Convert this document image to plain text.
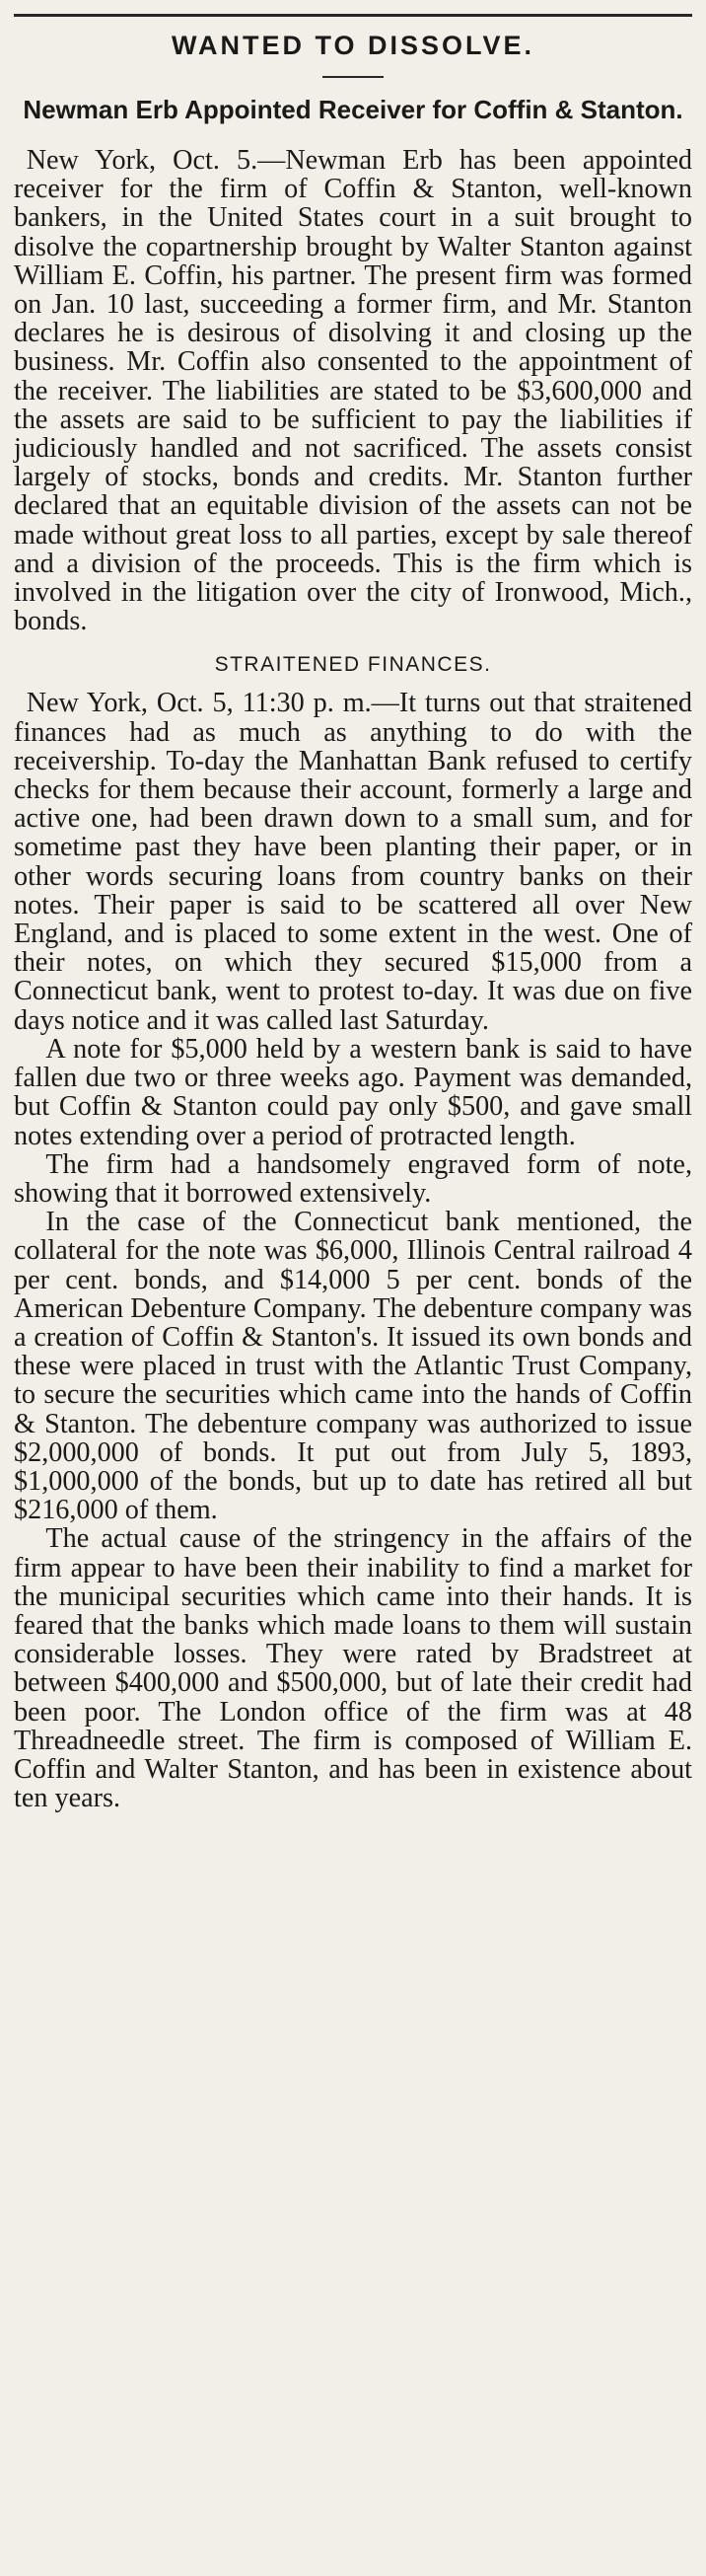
WANTED TO DISSOLVE.
Newman Erb Appointed Receiver for Coffin & Stanton.

New York, Oct. 5.—Newman Erb has been appointed receiver for the firm of Coffin & Stanton, well-known bankers, in the United States court in a suit brought to disolve the copartnership brought by Walter Stanton against William E. Coffin, his partner. The present firm was formed on Jan. 10 last, succeeding a former firm, and Mr. Stanton declares he is desirous of disolving it and closing up the business. Mr. Coffin also consented to the appointment of the receiver. The liabilities are stated to be $3,600,000 and the assets are said to be sufficient to pay the liabilities if judiciously handled and not sacrificed. The assets consist largely of stocks, bonds and credits. Mr. Stanton further declared that an equitable division of the assets can not be made without great loss to all parties, except by sale thereof and a division of the proceeds. This is the firm which is involved in the litigation over the city of Ironwood, Mich., bonds.

STRAITENED FINANCES.

New York, Oct. 5, 11:30 p. m.—It turns out that straitened finances had as much as anything to do with the receivership. To-day the Manhattan Bank refused to certify checks for them because their account, formerly a large and active one, had been drawn down to a small sum, and for sometime past they have been planting their paper, or in other words securing loans from country banks on their notes. Their paper is said to be scattered all over New England, and is placed to some extent in the west. One of their notes, on which they secured $15,000 from a Connecticut bank, went to protest to-day. It was due on five days notice and it was called last Saturday.

A note for $5,000 held by a western bank is said to have fallen due two or three weeks ago. Payment was demanded, but Coffin & Stanton could pay only $500, and gave small notes extending over a period of protracted length.

The firm had a handsomely engraved form of note, showing that it borrowed extensively.

In the case of the Connecticut bank mentioned, the collateral for the note was $6,000, Illinois Central railroad 4 per cent. bonds, and $14,000 5 per cent. bonds of the American Debenture Company. The debenture company was a creation of Coffin & Stanton's. It issued its own bonds and these were placed in trust with the Atlantic Trust Company, to secure the securities which came into the hands of Coffin & Stanton. The debenture company was authorized to issue $2,000,000 of bonds. It put out from July 5, 1893, $1,000,000 of the bonds, but up to date has retired all but $216,000 of them.

The actual cause of the stringency in the affairs of the firm appear to have been their inability to find a market for the municipal securities which came into their hands. It is feared that the banks which made loans to them will sustain considerable losses. They were rated by Bradstreet at between $400,000 and $500,000, but of late their credit had been poor. The London office of the firm was at 48 Threadneedle street. The firm is composed of William E. Coffin and Walter Stanton, and has been in existence about ten years.
